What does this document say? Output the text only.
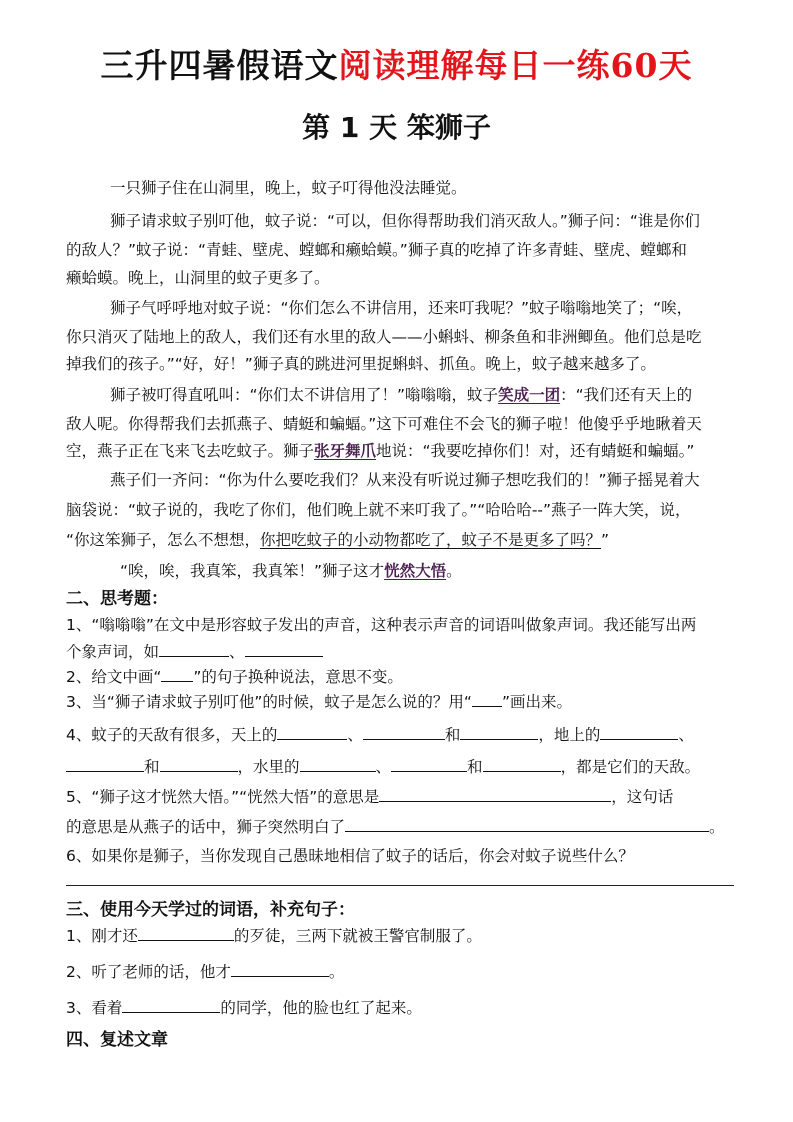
三升四暑假语文阅读理解每日一练60天
第 1 天 笨狮子
一只狮子住在山洞里，晚上，蚊子叮得他没法睡觉。
狮子请求蚊子别叮他，蚊子说：“可以，但你得帮助我们消灭敌人。”狮子问：“谁是你们
的敌人？”蚊子说：“青蛙、壁虎、螳螂和癞蛤蟆。”狮子真的吃掉了许多青蛙、壁虎、螳螂和
癞蛤蟆。晚上，山洞里的蚊子更多了。
狮子气呼呼地对蚊子说：“你们怎么不讲信用，还来叮我呢？”蚊子嗡嗡地笑了；“唉，
你只消灭了陆地上的敌人，我们还有水里的敌人——小蝌蚪、柳条鱼和非洲鲫鱼。他们总是吃
掉我们的孩子。”“好，好！”狮子真的跳进河里捉蝌蚪、抓鱼。晚上，蚊子越来越多了。
狮子被叮得直吼叫：“你们太不讲信用了！”嗡嗡嗡，蚊子笑成一团：“我们还有天上的
敌人呢。你得帮我们去抓燕子、蜻蜓和蝙蝠。”这下可难住不会飞的狮子啦！他傻乎乎地瞅着天
空，燕子正在飞来飞去吃蚊子。狮子张牙舞爪地说：“我要吃掉你们！对，还有蜻蜓和蝙蝠。”
燕子们一齐问：“你为什么要吃我们？从来没有听说过狮子想吃我们的！”狮子摇晃着大
脑袋说：“蚊子说的，我吃了你们，他们晚上就不来叮我了。”“哈哈哈--”燕子一阵大笑，说，
“你这笨狮子，怎么不想想，你把吃蚊子的小动物都吃了，蚊子不是更多了吗？”
“唉，唉，我真笨，我真笨！”狮子这才恍然大悟。
二、思考题：
1、“嗡嗡嗡”在文中是形容蚊子发出的声音，这种表示声音的词语叫做象声词。我还能写出两
个象声词，如	、
2、给文中画“ ”的句子换种说法，意思不变。
3、当“狮子请求蚊子别叮他”的时候，蚊子是怎么说的？用“ ”画出来。
4、蚊子的天敌有很多，天上的	、	和	，地上的	、
和	，水里的	、	和	，都是它们的天敌。
5、“狮子这才恍然大悟。”“恍然大悟”的意思是	，这句话
的意思是从燕子的话中，狮子突然明白了	。
6、如果你是狮子，当你发现自己愚昧地相信了蚊子的话后，你会对蚊子说些什么？
三、使用今天学过的词语，补充句子：
1、刚才还	的歹徒，三两下就被王警官制服了。
2、听了老师的话，他才	。
3、看着	的同学，他的脸也红了起来。
四、复述文章
